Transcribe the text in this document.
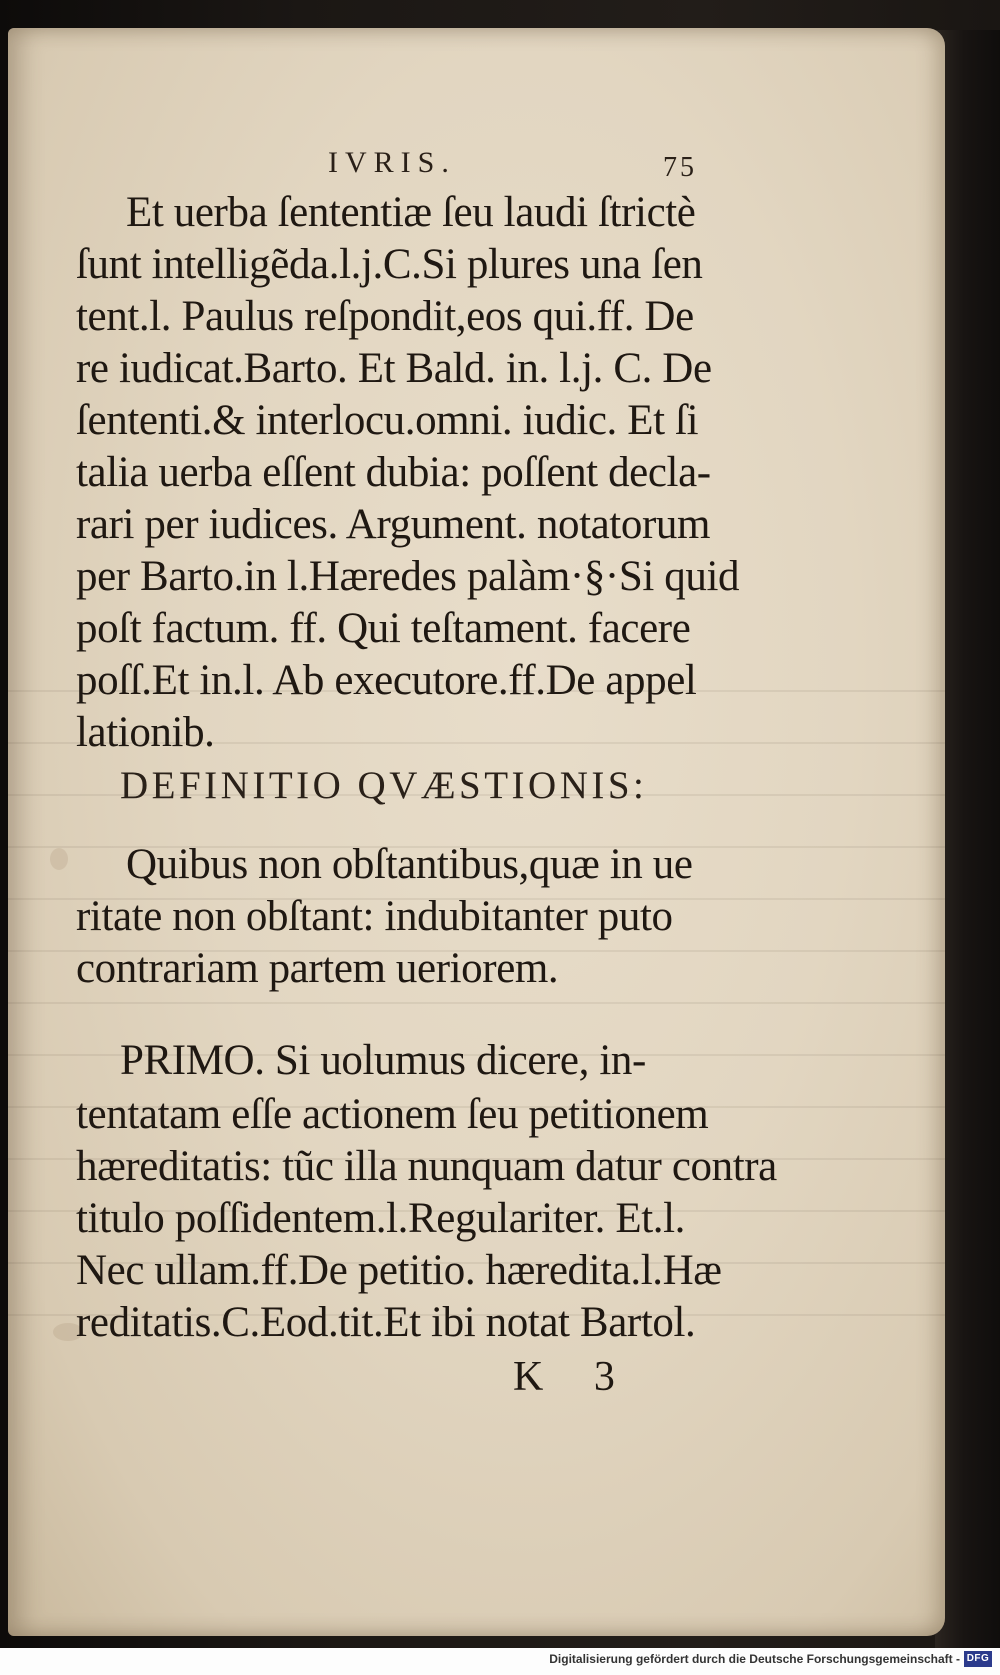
IVRIS.	75
Et uerba ſententiæ ſeu laudi ſtrictè
ſunt intelligẽda.l.j.C.Si plures una ſen
tent.l. Paulus reſpondit,eos qui.ff. De
re iudicat.Barto. Et Bald. in. l.j. C. De
ſententi.& interlocu.omni. iudic. Et ſi
talia uerba eſſent dubia: poſſent decla-
rari per iudices. Argument. notatorum
per Barto.in l.Hæredes palàm·§·Si quid
poſt factum. ff. Qui teſtament. facere
poſſ.Et in.l. Ab executore.ff.De appel
lationib.
DEFINITIO QVÆSTIONIS:
Quibus non obſtantibus,quæ in ue
ritate non obſtant: indubitanter puto
contrariam partem ueriorem.
PRIMO. Si uolumus dicere, in-
tentatam eſſe actionem ſeu petitionem
hæreditatis: tũc illa nunquam datur contra
titulo poſſidentem.l.Regulariter. Et.l.
Nec ullam.ff.De petitio. hæredita.l.Hæ
reditatis.C.Eod.tit.Et ibi notat Bartol.
K 3
Digitalisierung gefördert durch die Deutsche Forschungsgemeinschaft - DFG
